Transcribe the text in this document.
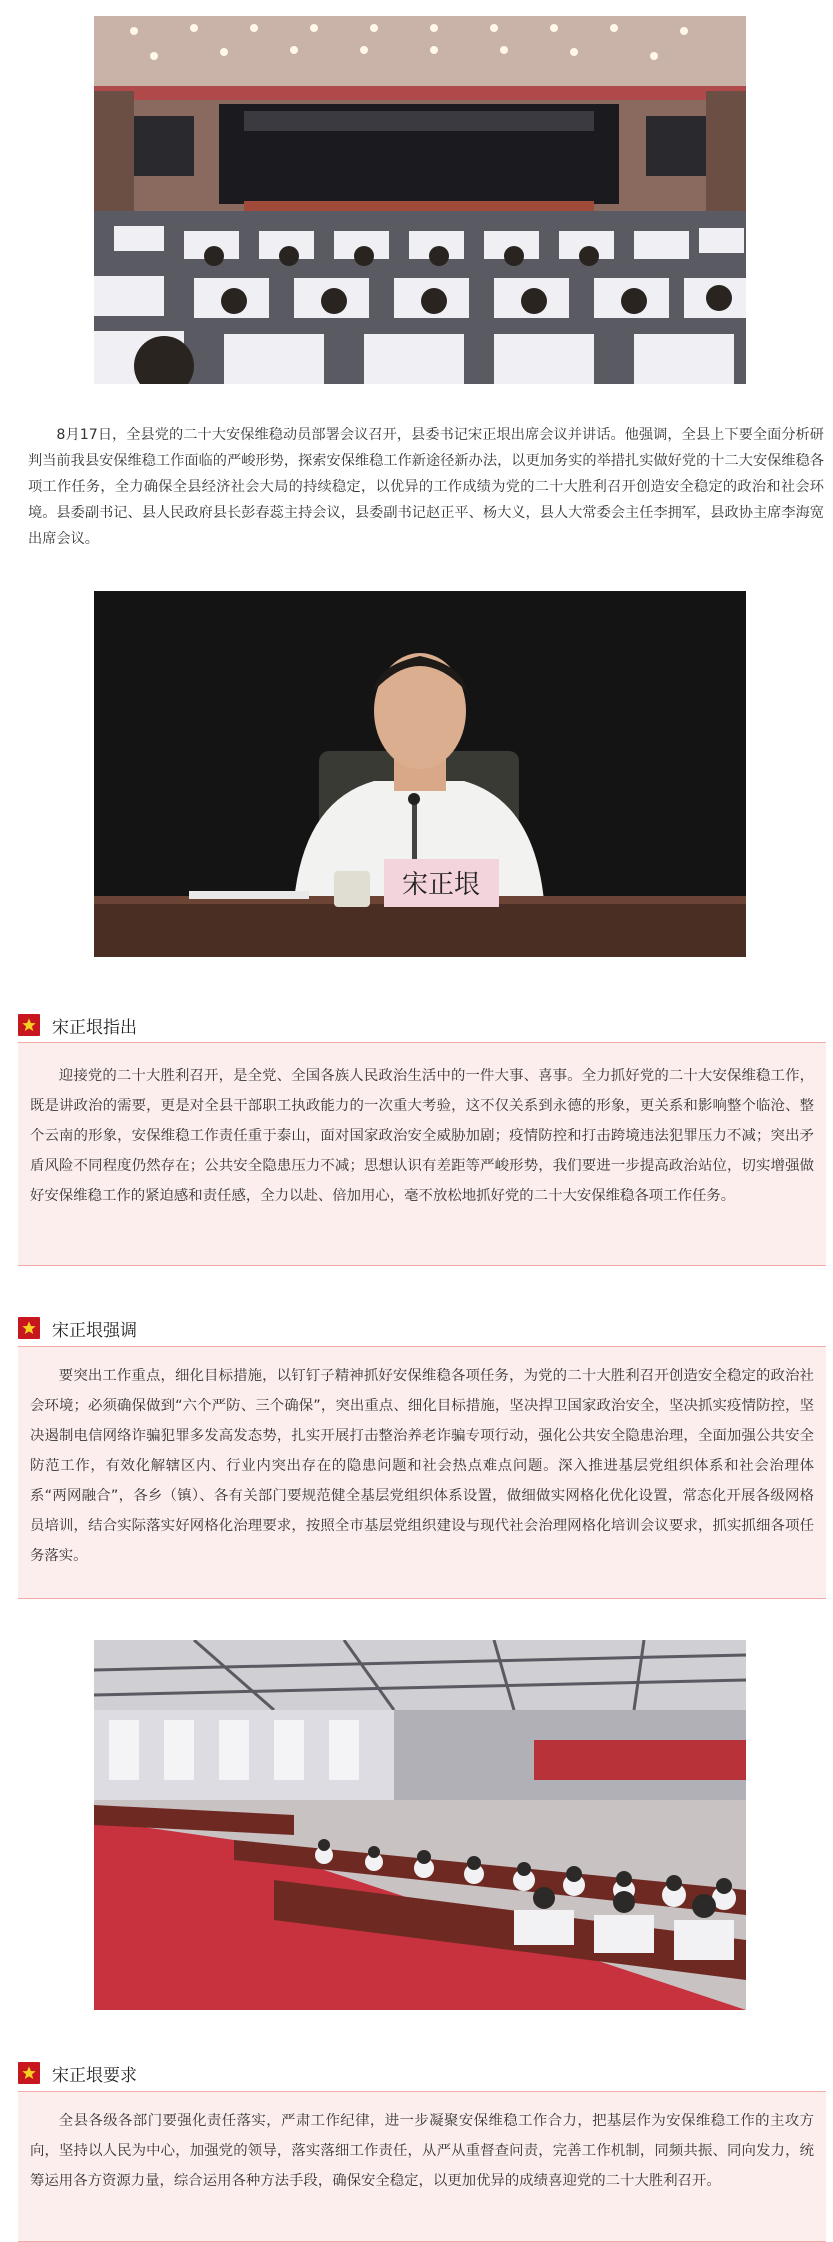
8月17日，全县党的二十大安保维稳动员部署会议召开，县委书记宋正垠出席会议并讲话。他强调，全县上下要全面分析研判当前我县安保维稳工作面临的严峻形势，探索安保维稳工作新途径新办法，以更加务实的举措扎实做好党的十二大安保维稳各项工作任务，全力确保全县经济社会大局的持续稳定，以优异的工作成绩为党的二十大胜利召开创造安全稳定的政治和社会环境。县委副书记、县人民政府县长彭春蕊主持会议，县委副书记赵正平、杨大义，县人大常委会主任李拥军，县政协主席李海宽出席会议。

宋正垠
宋正垠指出

迎接党的二十大胜利召开，是全党、全国各族人民政治生活中的一件大事、喜事。全力抓好党的二十大安保维稳工作，既是讲政治的需要，更是对全县干部职工执政能力的一次重大考验，这不仅关系到永德的形象，更关系和影响整个临沧、整个云南的形象，安保维稳工作责任重于泰山，面对国家政治安全威胁加剧；疫情防控和打击跨境违法犯罪压力不减；突出矛盾风险不同程度仍然存在；公共安全隐患压力不减；思想认识有差距等严峻形势，我们要进一步提高政治站位，切实增强做好安保维稳工作的紧迫感和责任感，全力以赴、倍加用心，毫不放松地抓好党的二十大安保维稳各项工作任务。

宋正垠强调

要突出工作重点，细化目标措施，以钉钉子精神抓好安保维稳各项任务，为党的二十大胜利召开创造安全稳定的政治社会环境；必须确保做到“六个严防、三个确保”，突出重点、细化目标措施，坚决捍卫国家政治安全，坚决抓实疫情防控，坚决遏制电信网络诈骗犯罪多发高发态势，扎实开展打击整治养老诈骗专项行动，强化公共安全隐患治理，全面加强公共安全防范工作，有效化解辖区内、行业内突出存在的隐患问题和社会热点难点问题。深入推进基层党组织体系和社会治理体系“两网融合”，各乡（镇）、各有关部门要规范健全基层党组织体系设置，做细做实网格化优化设置，常态化开展各级网格员培训，结合实际落实好网格化治理要求，按照全市基层党组织建设与现代社会治理网格化培训会议要求，抓实抓细各项任务落实。

宋正垠要求

全县各级各部门要强化责任落实，严肃工作纪律，进一步凝聚安保维稳工作合力，把基层作为安保维稳工作的主攻方向，坚持以人民为中心，加强党的领导，落实落细工作责任，从严从重督查问责，完善工作机制，同频共振、同向发力，统筹运用各方资源力量，综合运用各种方法手段，确保安全稳定，以更加优异的成绩喜迎党的二十大胜利召开。
